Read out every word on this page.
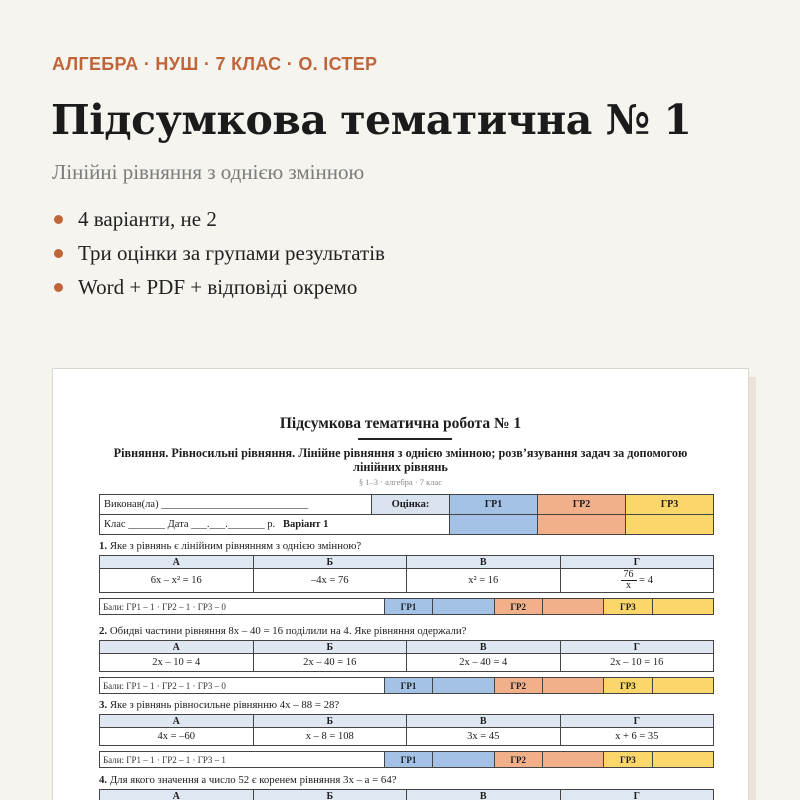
АЛГЕБРА · НУШ · 7 КЛАС · О. ІСТЕР
Підсумкова тематична № 1
Лінійні рівняння з однією змінною
4 варіанти, не 2
Три оцінки за групами результатів
Word + PDF + відповіді окремо
Підсумкова тематична робота № 1
Рівняння. Рівносильні рівняння. Лінійне рівняння з однією змінною; розв’язування задач за допомогою лінійних рівнянь
§ 1–3 · алгебра · 7 клас
Виконав(ла) ____________________________	Оцінка:	ГР1	ГР2	ГР3
Клас _______ Дата ___.___._______ р. Варіант 1				
1. Яке з рівнянь є лінійним рівнянням з однією змінною?
А	Б	В	Г
6x – x² = 16	–4x = 76	x² = 16	$\frac{76}{x} = 4$
Бали: ГР1 – 1 · ГР2 – 1 · ГР3 – 0	ГР1		ГР2		ГР3	
2. Обидві частини рівняння 8x – 40 = 16 поділили на 4. Яке рівняння одержали?
А	Б	В	Г
2x – 10 = 4	2x – 40 = 16	2x – 40 = 4	2x – 10 = 16
Бали: ГР1 – 1 · ГР2 – 1 · ГР3 – 0	ГР1		ГР2		ГР3	
3. Яке з рівнянь рівносильне рівнянню 4x – 88 = 28?
А	Б	В	Г
4x = –60	x – 8 = 108	3x = 45	x + 6 = 35
Бали: ГР1 – 1 · ГР2 – 1 · ГР3 – 1	ГР1		ГР2		ГР3	
4. Для якого значення a число 52 є коренем рівняння 3x – a = 64?
А	Б	В	Г
